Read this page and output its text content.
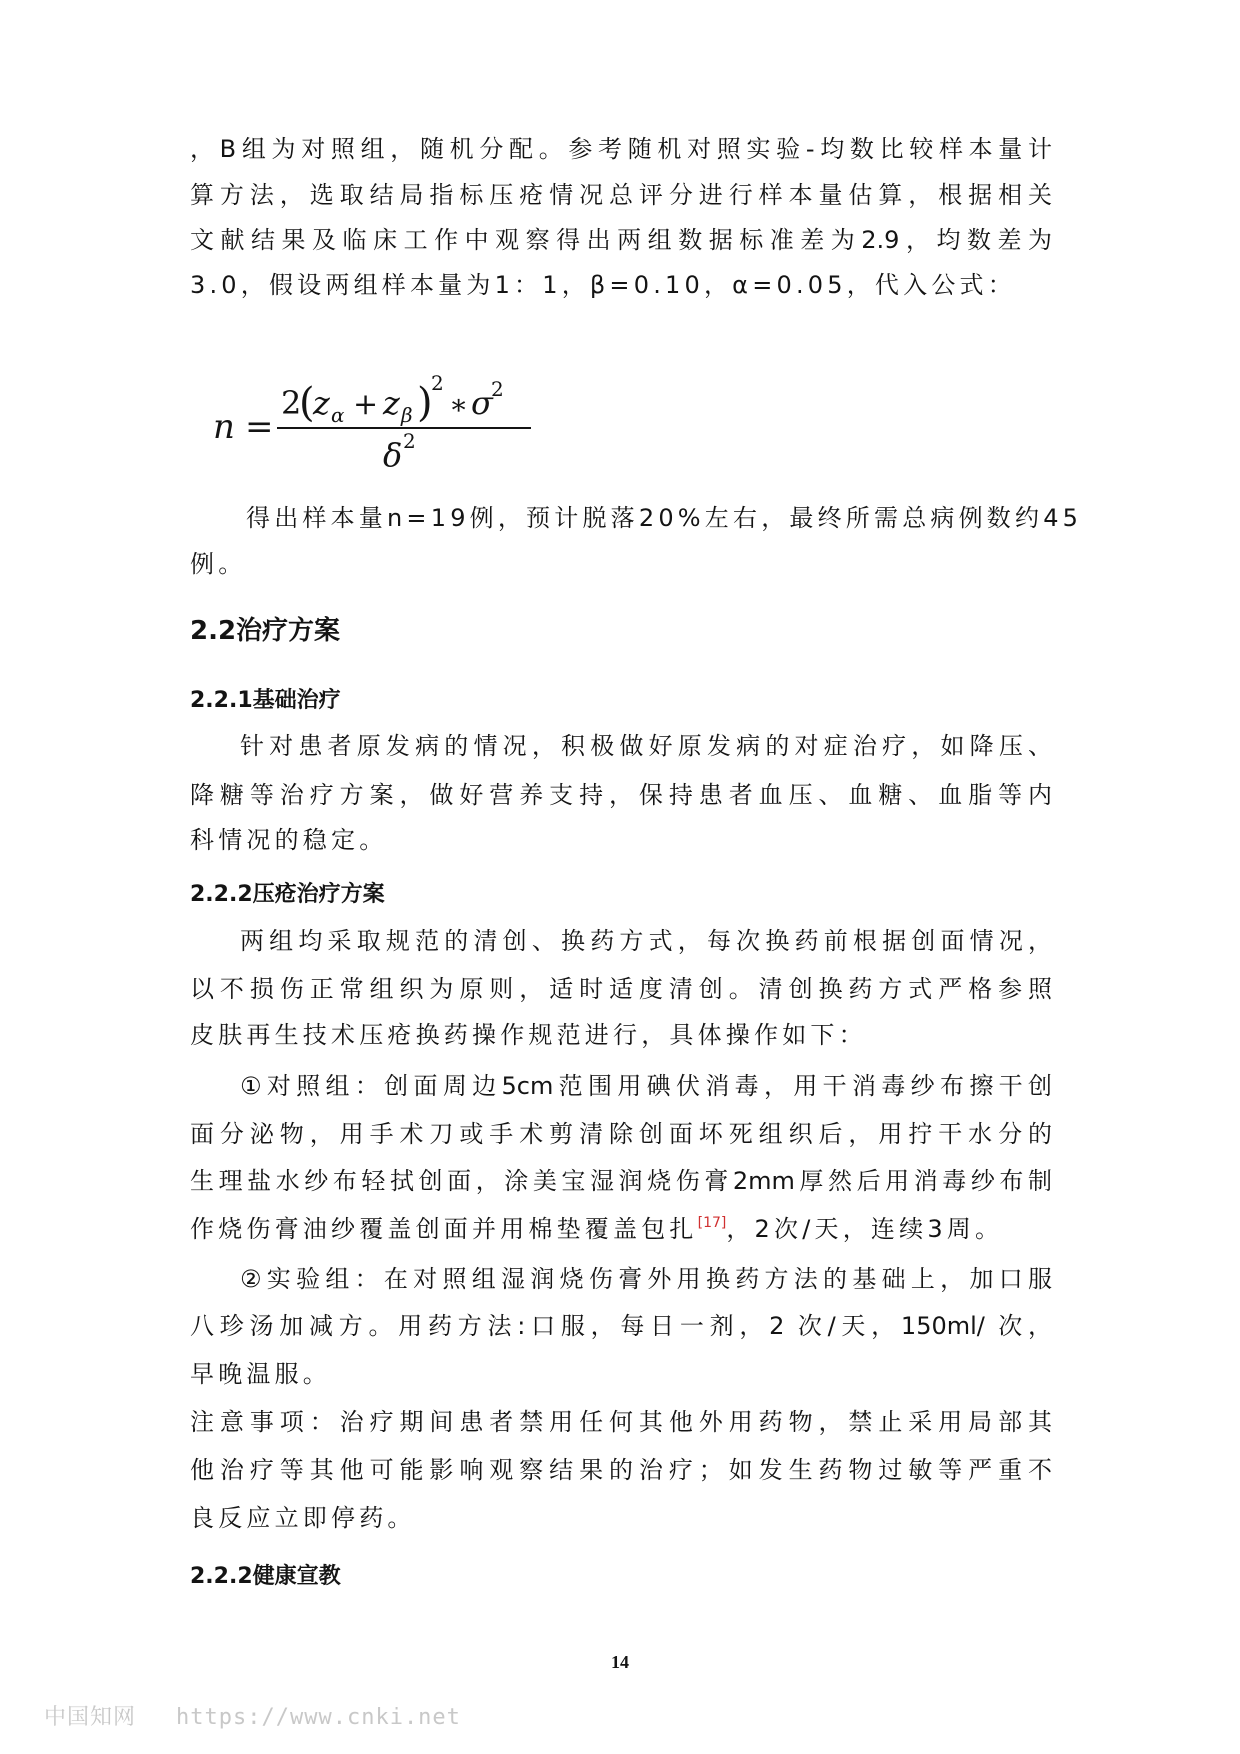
，B组为对照组，随机分配。参考随机对照实验-均数比较样本量计
算方法，选取结局指标压疮情况总评分进行样本量估算，根据相关
文献结果及临床工作中观察得出两组数据标准差为2.9，均数差为
3.0，假设两组样本量为1：1，β=0.10，α=0.05，代入公式：
n =
2
(
z α + z β )
2
∗ σ
2
δ 2
得出样本量n=19例，预计脱落20%左右，最终所需总病例数约45
例。
2.2治疗方案
2.2.1基础治疗
针对患者原发病的情况，积极做好原发病的对症治疗，如降压、
降糖等治疗方案，做好营养支持，保持患者血压、血糖、血脂等内
科情况的稳定。
2.2.2压疮治疗方案
两组均采取规范的清创、换药方式，每次换药前根据创面情况，
以不损伤正常组织为原则，适时适度清创。清创换药方式严格参照
皮肤再生技术压疮换药操作规范进行，具体操作如下：
①对照组：创面周边5cm范围用碘伏消毒，用干消毒纱布擦干创
面分泌物，用手术刀或手术剪清除创面坏死组织后，用拧干水分的
生理盐水纱布轻拭创面，涂美宝湿润烧伤膏2mm厚然后用消毒纱布制
作烧伤膏油纱覆盖创面并用棉垫覆盖包扎[17]，2次/天，连续3周。
②实验组：在对照组湿润烧伤膏外用换药方法的基础上，加口服
八珍汤加减方。用药方法:口服，每日一剂，2 次/天，150ml/ 次，
早晚温服。
注意事项：治疗期间患者禁用任何其他外用药物，禁止采用局部其
他治疗等其他可能影响观察结果的治疗；如发生药物过敏等严重不
良反应立即停药。
2.2.2健康宣教
14
中国知网 https://www.cnki.net
